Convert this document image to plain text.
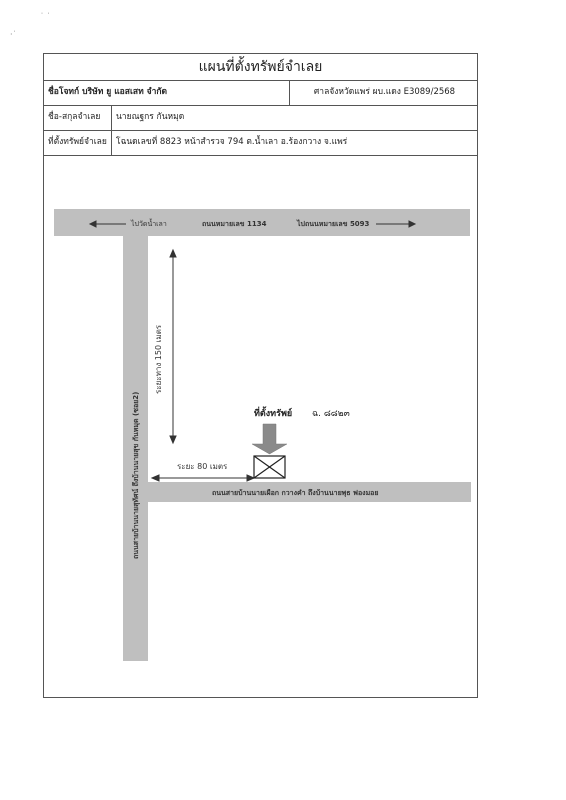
˙ ˙
·˙
แผนที่ตั้งทรัพย์จำเลย
ชื่อโจทก์ บริษัท ยู แอสเสท จำกัด	ศาลจังหวัดแพร่ ผบ.แดง E3089/2568
ชื่อ-สกุลจำเลย	นายณฐกร กันหมุด
ที่ตั้งทรัพย์จำเลย	โฉนดเลขที่ 8823 หน้าสำรวจ 794 ต.น้ำเลา อ.ร้องกวาง จ.แพร่
ไปวัดน้ำเลา	ถนนหมายเลข 1134	ไปถนนหมายเลข 5093
ถนนสายบ้านนายสุทัศน์ ถึงบ้านนายสุข กันหมุด (ซอย2)
ระยะทาง 150 เมตร
ระยะ 80 เมตร
ที่ตั้งทรัพย์ ฉ. ๘๘๒๓
ถนนสายบ้านนายเผือก กวางคำ ถึงบ้านนายพุธ ฟองมอย
